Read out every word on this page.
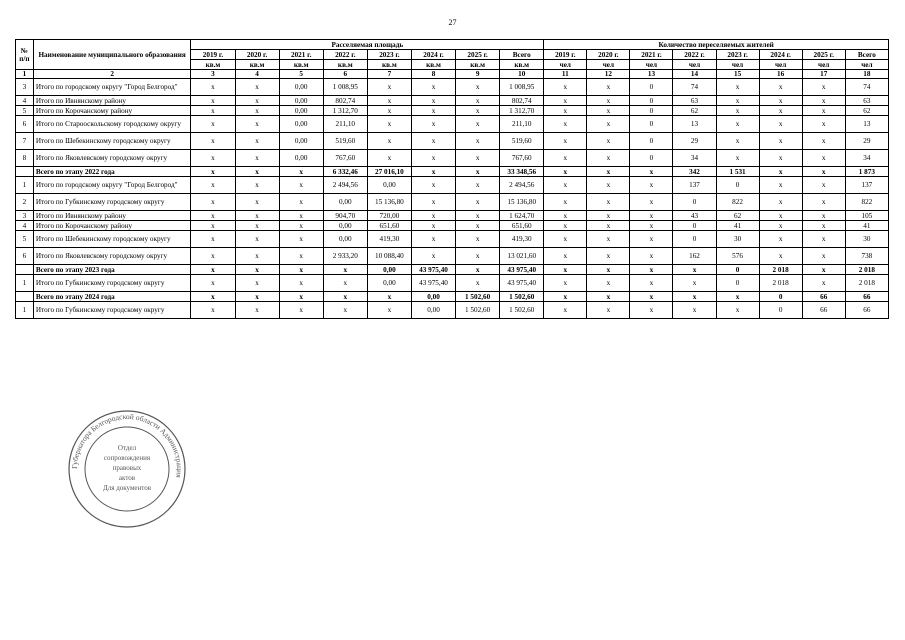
27
№
п/п	Наименование муниципального образования	Расселяемая площадь								Количество переселяемых жителей							
		2019 г.	2020 г.	2021 г.	2022 г.	2023 г.	2024 г.	2025 г.	Всего	2019 г.	2020 г.	2021 г.	2022 г.	2023 г.	2024 г.	2025 г.	Всего
		кв.м	кв.м	кв.м	кв.м	кв.м	кв.м	кв.м	кв.м	чел	чел	чел	чел	чел	чел	чел	чел
1	2	3	4	5	6	7	8	9	10	11	12	13	14	15	16	17	18
3	Итого по городскому округу "Город Белгород"	x	x	0,00	1 008,95	x	x	x	1 008,95	x	x	0	74	x	x	x	74
4	Итого по Ивнянскому району	x	x	0,00	802,74	x	x	x	802,74	x	x	0	63	x	x	x	63
5	Итого по Корочанскому району	x	x	0,00	1 312,70	x	x	x	1 312,70	x	x	0	62	x	x	x	62
6	Итого по Старооскольскому городскому округу	x	x	0,00	211,10	x	x	x	211,10	x	x	0	13	x	x	x	13
7	Итого по Шебекинскому городскому округу	x	x	0,00	519,60	x	x	x	519,60	x	x	0	29	x	x	x	29
8	Итого по Яковлевскому городскому округу	x	x	0,00	767,60	x	x	x	767,60	x	x	0	34	x	x	x	34
	Всего по этапу 2022 года	x	x	x	6 332,46	27 016,10	x	x	33 348,56	x	x	x	342	1 531	x	x	1 873
1	Итого по городскому округу "Город Белгород"	x	x	x	2 494,56	0,00	x	x	2 494,56	x	x	x	137	0	x	x	137
2	Итого по Губкинскому городскому округу	x	x	x	0,00	15 136,80	x	x	15 136,80	x	x	x	0	822	x	x	822
3	Итого по Ивнянскому району	x	x	x	904,70	720,00	x	x	1 624,70	x	x	x	43	62	x	x	105
4	Итого по Корочанскому району	x	x	x	0,00	651,60	x	x	651,60	x	x	x	0	41	x	x	41
5	Итого по Шебекинскому городскому округу	x	x	x	0,00	419,30	x	x	419,30	x	x	x	0	30	x	x	30
6	Итого по Яковлевскому городскому округу	x	x	x	2 933,20	10 088,40	x	x	13 021,60	x	x	x	162	576	x	x	738
	Всего по этапу 2023 года	x	x	x	x	0,00	43 975,40	x	43 975,40	x	x	x	x	0	2 018	x	2 018
1	Итого по Губкинскому городскому округу	x	x	x	x	0,00	43 975,40	x	43 975,40	x	x	x	x	0	2 018	x	2 018
	Всего по этапу 2024 года	x	x	x	x	x	0,00	1 502,60	1 502,60	x	x	x	x	x	0	66	66
1	Итого по Губкинскому городскому округу	x	x	x	x	x	0,00	1 502,60	1 502,60	x	x	x	x	x	0	66	66
Губернатора Белгородской области Администрация
Отдел
сопровождения
правовых
актов
Для документов
